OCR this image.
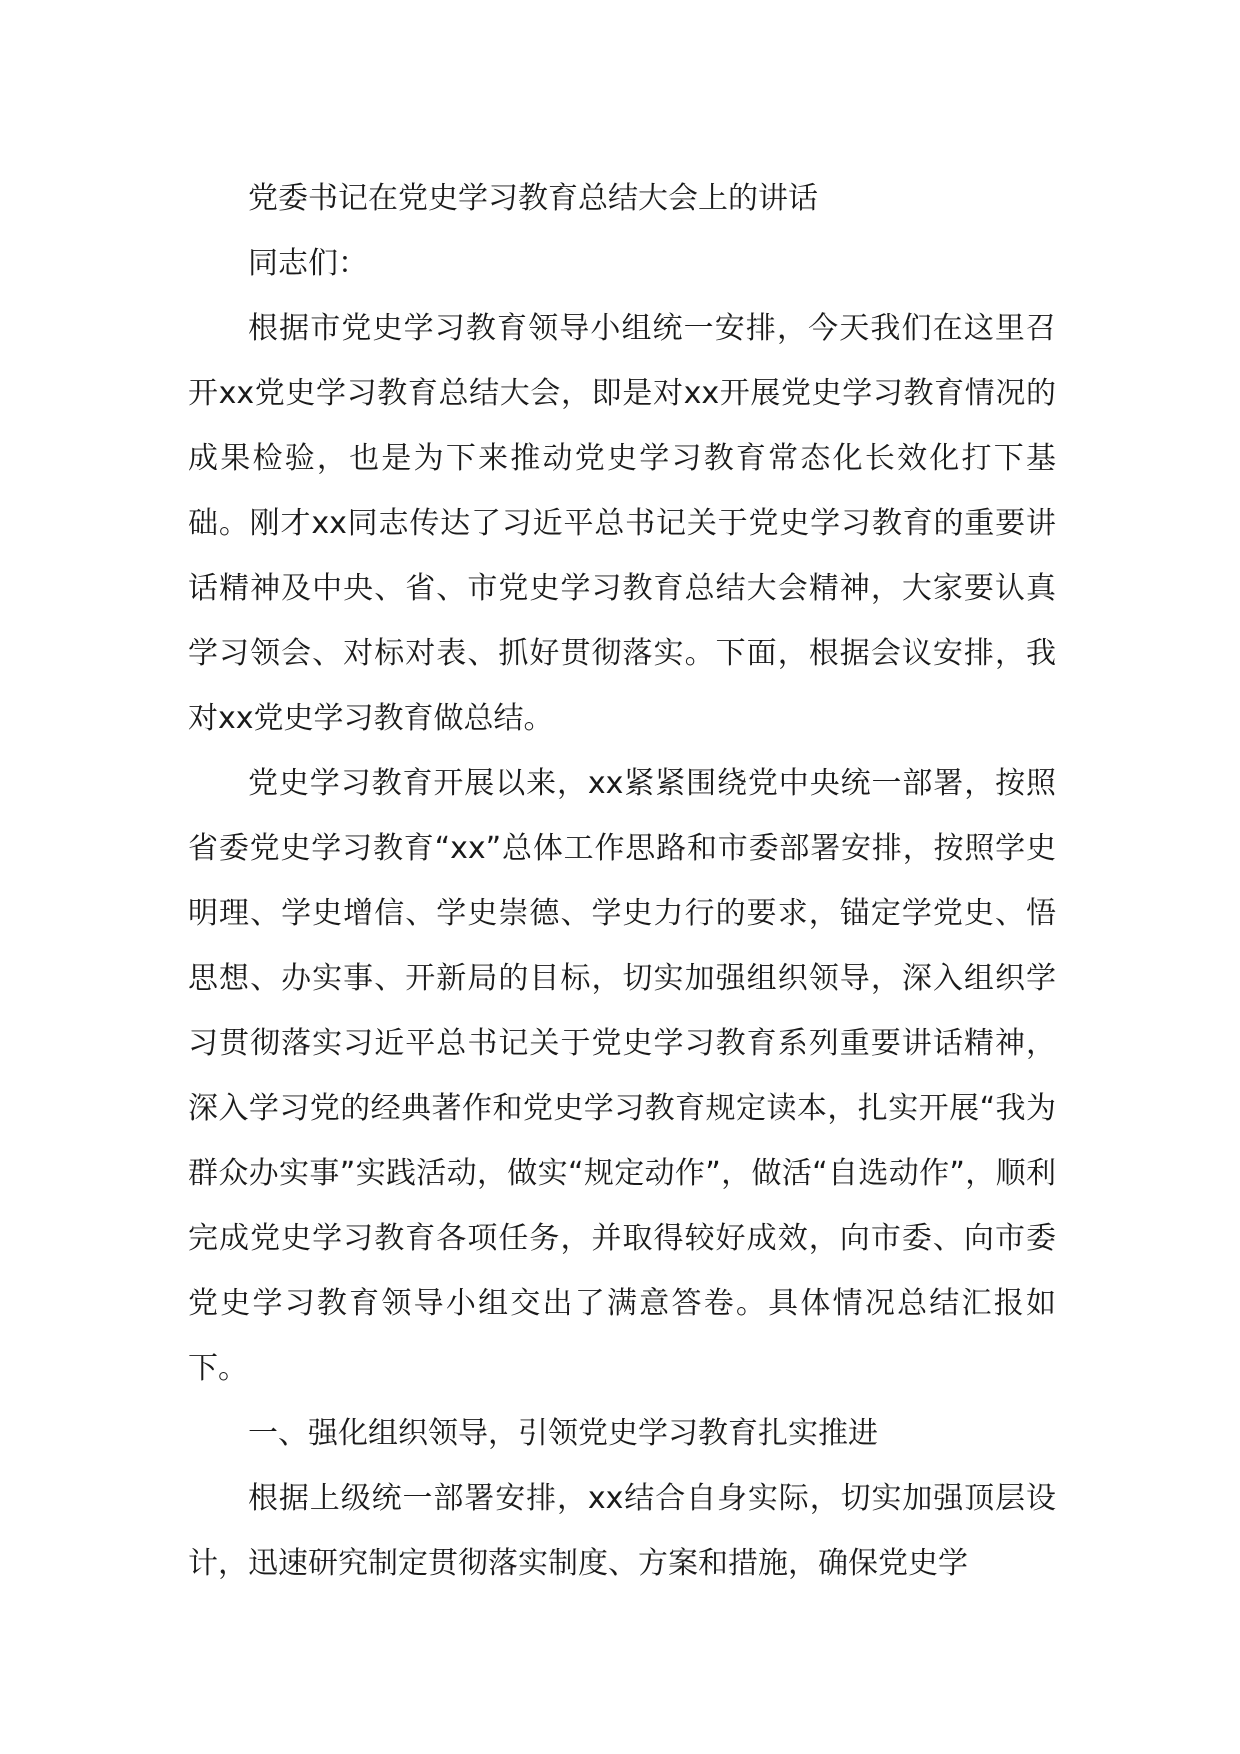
党委书记在党史学习教育总结大会上的讲话

同志们：

根据市党史学习教育领导小组统一安排，今天我们在这里召开xx党史学习教育总结大会，即是对xx开展党史学习教育情况的成果检验，也是为下来推动党史学习教育常态化长效化打下基础。刚才xx同志传达了习近平总书记关于党史学习教育的重要讲话精神及中央、省、市党史学习教育总结大会精神，大家要认真学习领会、对标对表、抓好贯彻落实。下面，根据会议安排，我对xx党史学习教育做总结。

党史学习教育开展以来，xx紧紧围绕党中央统一部署，按照省委党史学习教育“xx”总体工作思路和市委部署安排，按照学史明理、学史增信、学史崇德、学史力行的要求，锚定学党史、悟思想、办实事、开新局的目标，切实加强组织领导，深入组织学习贯彻落实习近平总书记关于党史学习教育系列重要讲话精神，深入学习党的经典著作和党史学习教育规定读本，扎实开展“我为群众办实事”实践活动，做实“规定动作”，做活“自选动作”，顺利完成党史学习教育各项任务，并取得较好成效，向市委、向市委党史学习教育领导小组交出了满意答卷。具体情况总结汇报如下。

一、强化组织领导，引领党史学习教育扎实推进

根据上级统一部署安排，xx结合自身实际，切实加强顶层设计，迅速研究制定贯彻落实制度、方案和措施，确保党史学
